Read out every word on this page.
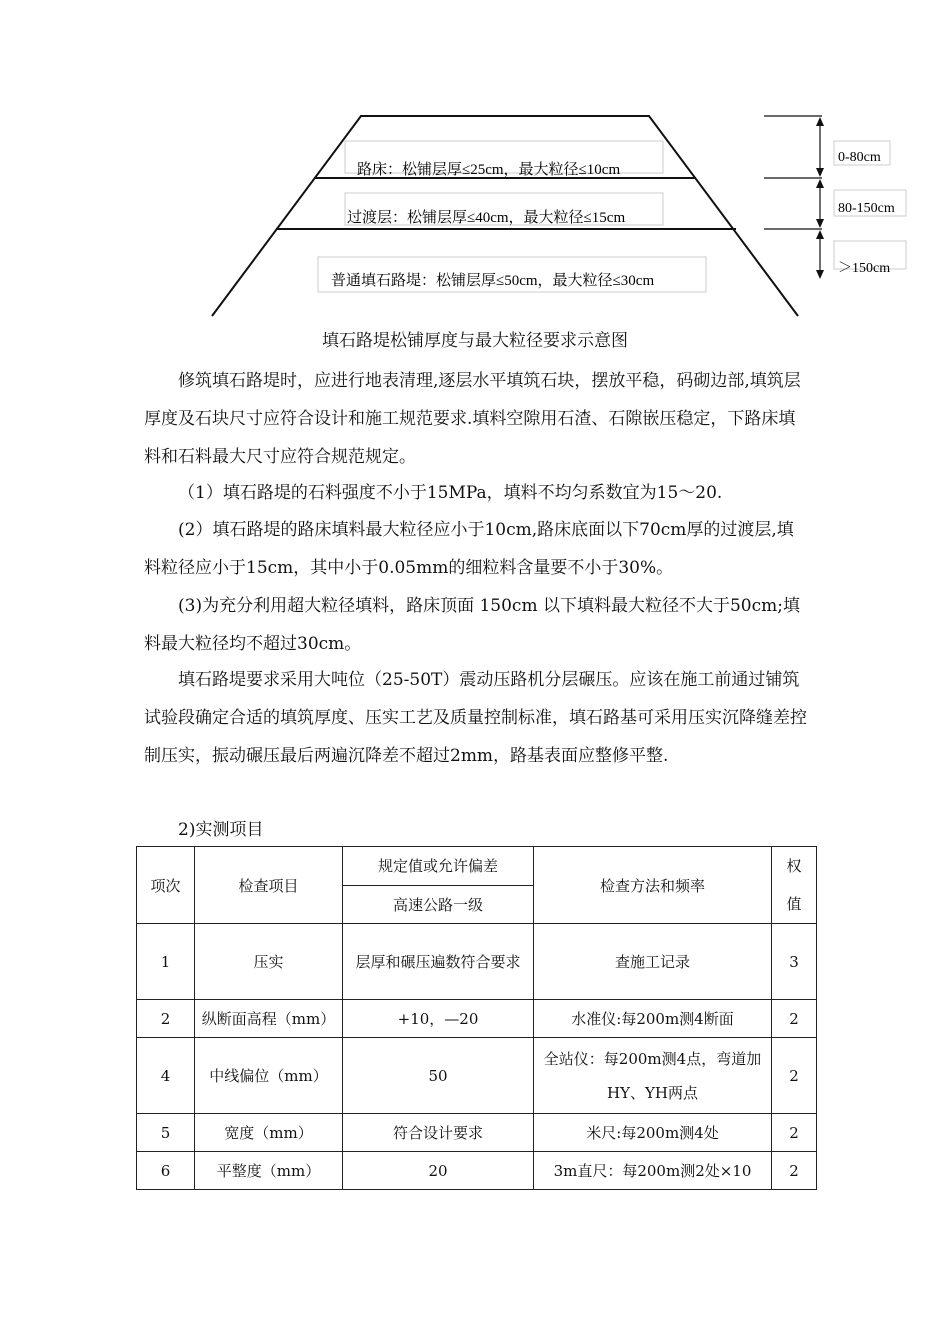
路床：松铺层厚≤25cm，最大粒径≤10cm
过渡层：松铺层厚≤40cm，最大粒径≤15cm
普通填石路堤：松铺层厚≤50cm，最大粒径≤30cm
0-80cm
80-150cm
＞150cm
填石路堤松铺厚度与最大粒径要求示意图
修筑填石路堤时，应进行地表清理,逐层水平填筑石块，摆放平稳，码砌边部,填筑层厚度及石块尺寸应符合设计和施工规范要求.填料空隙用石渣、石隙嵌压稳定，下路床填料和石料最大尺寸应符合规范规定。
（1）填石路堤的石料强度不小于15MPa，填料不均匀系数宜为15～20.
(2）填石路堤的路床填料最大粒径应小于10cm,路床底面以下70cm厚的过渡层,填料粒径应小于15cm，其中小于0.05mm的细粒料含量要不小于30%。
(3)为充分利用超大粒径填料，路床顶面 150cm 以下填料最大粒径不大于50cm;填料最大粒径均不超过30cm。
填石路堤要求采用大吨位（25-50T）震动压路机分层碾压。应该在施工前通过铺筑试验段确定合适的填筑厚度、压实工艺及质量控制标准，填石路基可采用压实沉降缝差控制压实，振动碾压最后两遍沉降差不超过2mm，路基表面应整修平整.
2)实测项目
项次	检查项目	规定值或允许偏差	检查方法和频率	权值
		高速公路一级		
1	压实	层厚和碾压遍数符合要求	查施工记录	3
2	纵断面高程（mm）	+10，—20	水准仪:每200m测4断面	2
4	中线偏位（mm）	50	全站仪：每200m测4点，弯道加HY、YH两点	2
5	宽度（mm）	符合设计要求	米尺:每200m测4处	2
6	平整度（mm）	20	3m直尺：每200m测2处×10	2
